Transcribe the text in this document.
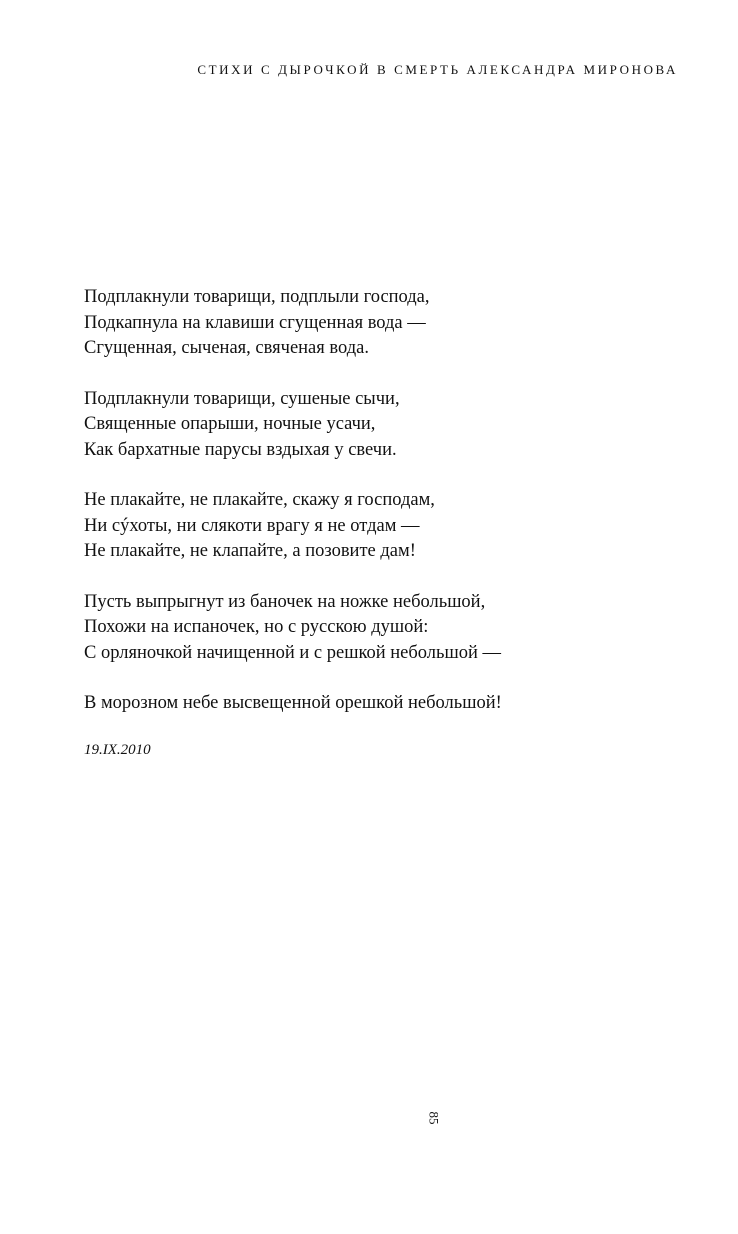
СТИХИ С ДЫРОЧКОЙ В СМЕРТЬ АЛЕКСАНДРА МИРОНОВА
Подплакнули товарищи, подплыли господа,
Подкапнула на клавиши сгущенная вода —
Сгущенная, сыченая, свяченая вода.
Подплакнули товарищи, сушеные сычи,
Священные опарыши, ночные усачи,
Как бархатные парусы вздыхая у свечи.
Не плакайте, не плакайте, скажу я господам,
Ни сýхоты, ни слякоти врагу я не отдам —
Не плакайте, не клапайте, а позовите дам!
Пусть выпрыгнут из баночек на ножке небольшой,
Похожи на испаночек, но с русскою душой:
С орляночкой начищенной и с решкой небольшой —
В морозном небе высвещенной орешкой небольшой!
19.IX.2010
85
